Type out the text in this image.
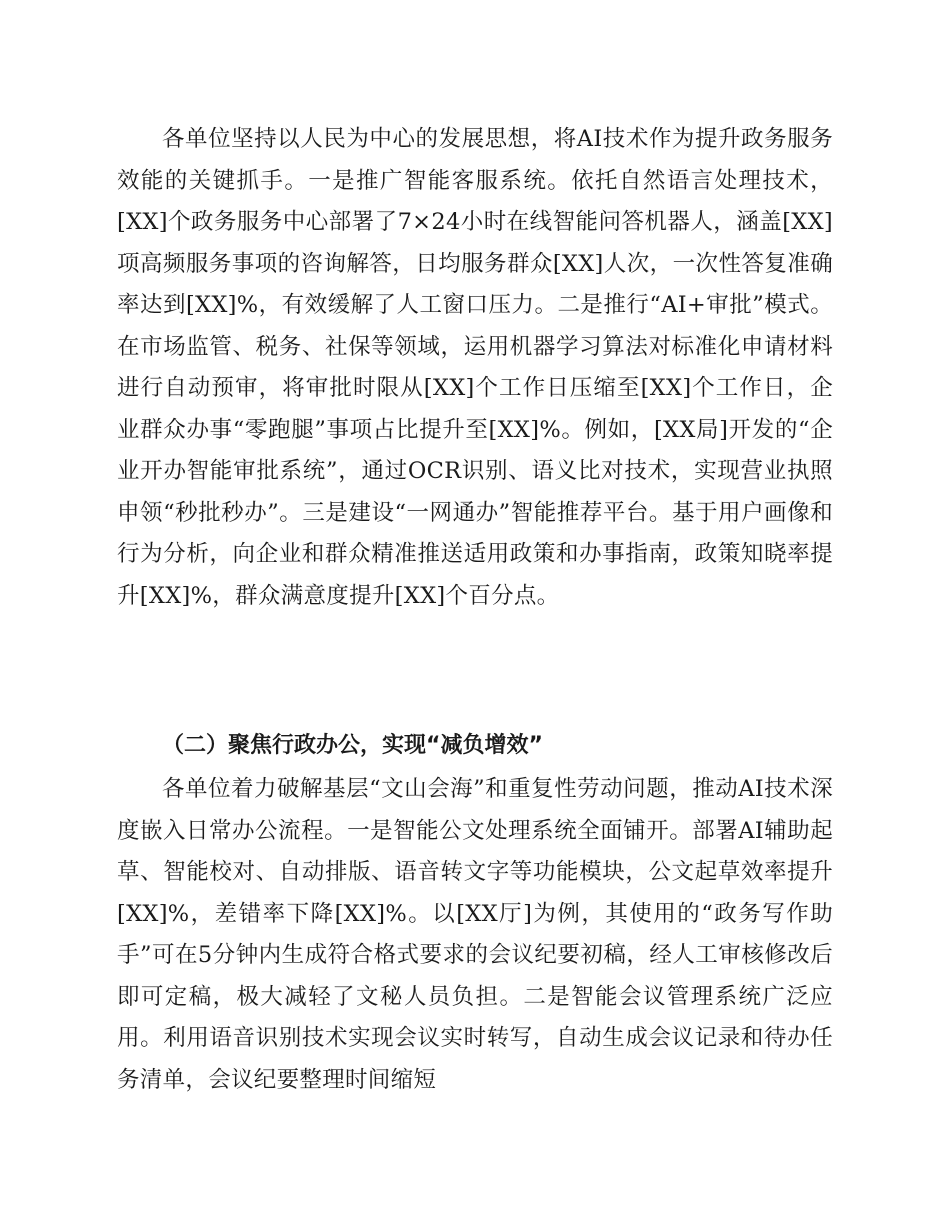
各单位坚持以人民为中心的发展思想，将AI技术作为提升政务服务效能的关键抓手。一是推广智能客服系统。依托自然语言处理技术，[XX]个政务服务中心部署了7×24小时在线智能问答机器人，涵盖[XX]项高频服务事项的咨询解答，日均服务群众[XX]人次，一次性答复准确率达到[XX]%，有效缓解了人工窗口压力。二是推行“AI+审批”模式。在市场监管、税务、社保等领域，运用机器学习算法对标准化申请材料进行自动预审，将审批时限从[XX]个工作日压缩至[XX]个工作日，企业群众办事“零跑腿”事项占比提升至[XX]%。例如，[XX局]开发的“企业开办智能审批系统”，通过OCR识别、语义比对技术，实现营业执照申领“秒批秒办”。三是建设“一网通办”智能推荐平台。基于用户画像和行为分析，向企业和群众精准推送适用政策和办事指南，政策知晓率提升[XX]%，群众满意度提升[XX]个百分点。

（二）聚焦行政办公，实现“减负增效”

各单位着力破解基层“文山会海”和重复性劳动问题，推动AI技术深度嵌入日常办公流程。一是智能公文处理系统全面铺开。部署AI辅助起草、智能校对、自动排版、语音转文字等功能模块，公文起草效率提升[XX]%，差错率下降[XX]%。以[XX厅]为例，其使用的“政务写作助手”可在5分钟内生成符合格式要求的会议纪要初稿，经人工审核修改后即可定稿，极大减轻了文秘人员负担。二是智能会议管理系统广泛应用。利用语音识别技术实现会议实时转写，自动生成会议记录和待办任务清单，会议纪要整理时间缩短
